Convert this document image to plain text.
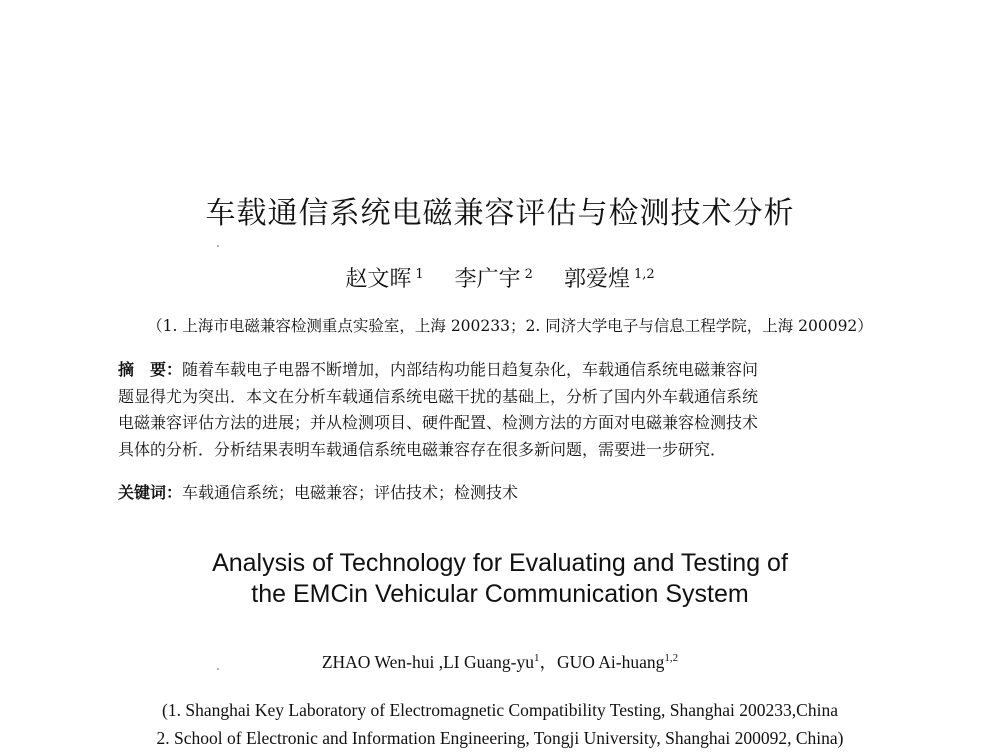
车载通信系统电磁兼容评估与检测技术分析
赵文晖 $^1$ 李广宇 $^2$ 郭爱煌 $^{1,2}$
（1. 上海市电磁兼容检测重点实验室，上海 200233；2. 同济大学电子与信息工程学院，上海 200092）
摘　要：随着车载电子电器不断增加，内部结构功能日趋复杂化，车载通信系统电磁兼容问
题显得尤为突出．本文在分析车载通信系统电磁干扰的基础上，分析了国内外车载通信系统
电磁兼容评估方法的进展；并从检测项目、硬件配置、检测方法的方面对电磁兼容检测技术
具体的分析．分析结果表明车载通信系统电磁兼容存在很多新问题，需要进一步研究．
关键词：车载通信系统；电磁兼容；评估技术；检测技术
Analysis of Technology for Evaluating and Testing of
the EMCin Vehicular Communication System
ZHAO Wen-hui ,LI Guang-$yu^1$，GUO Ai-huang$^{1,2}$
(1. Shanghai Key Laboratory of Electromagnetic Compatibility Testing, Shanghai 200233,China
2. School of Electronic and Information Engineering, Tongji University, Shanghai 200092, China)
